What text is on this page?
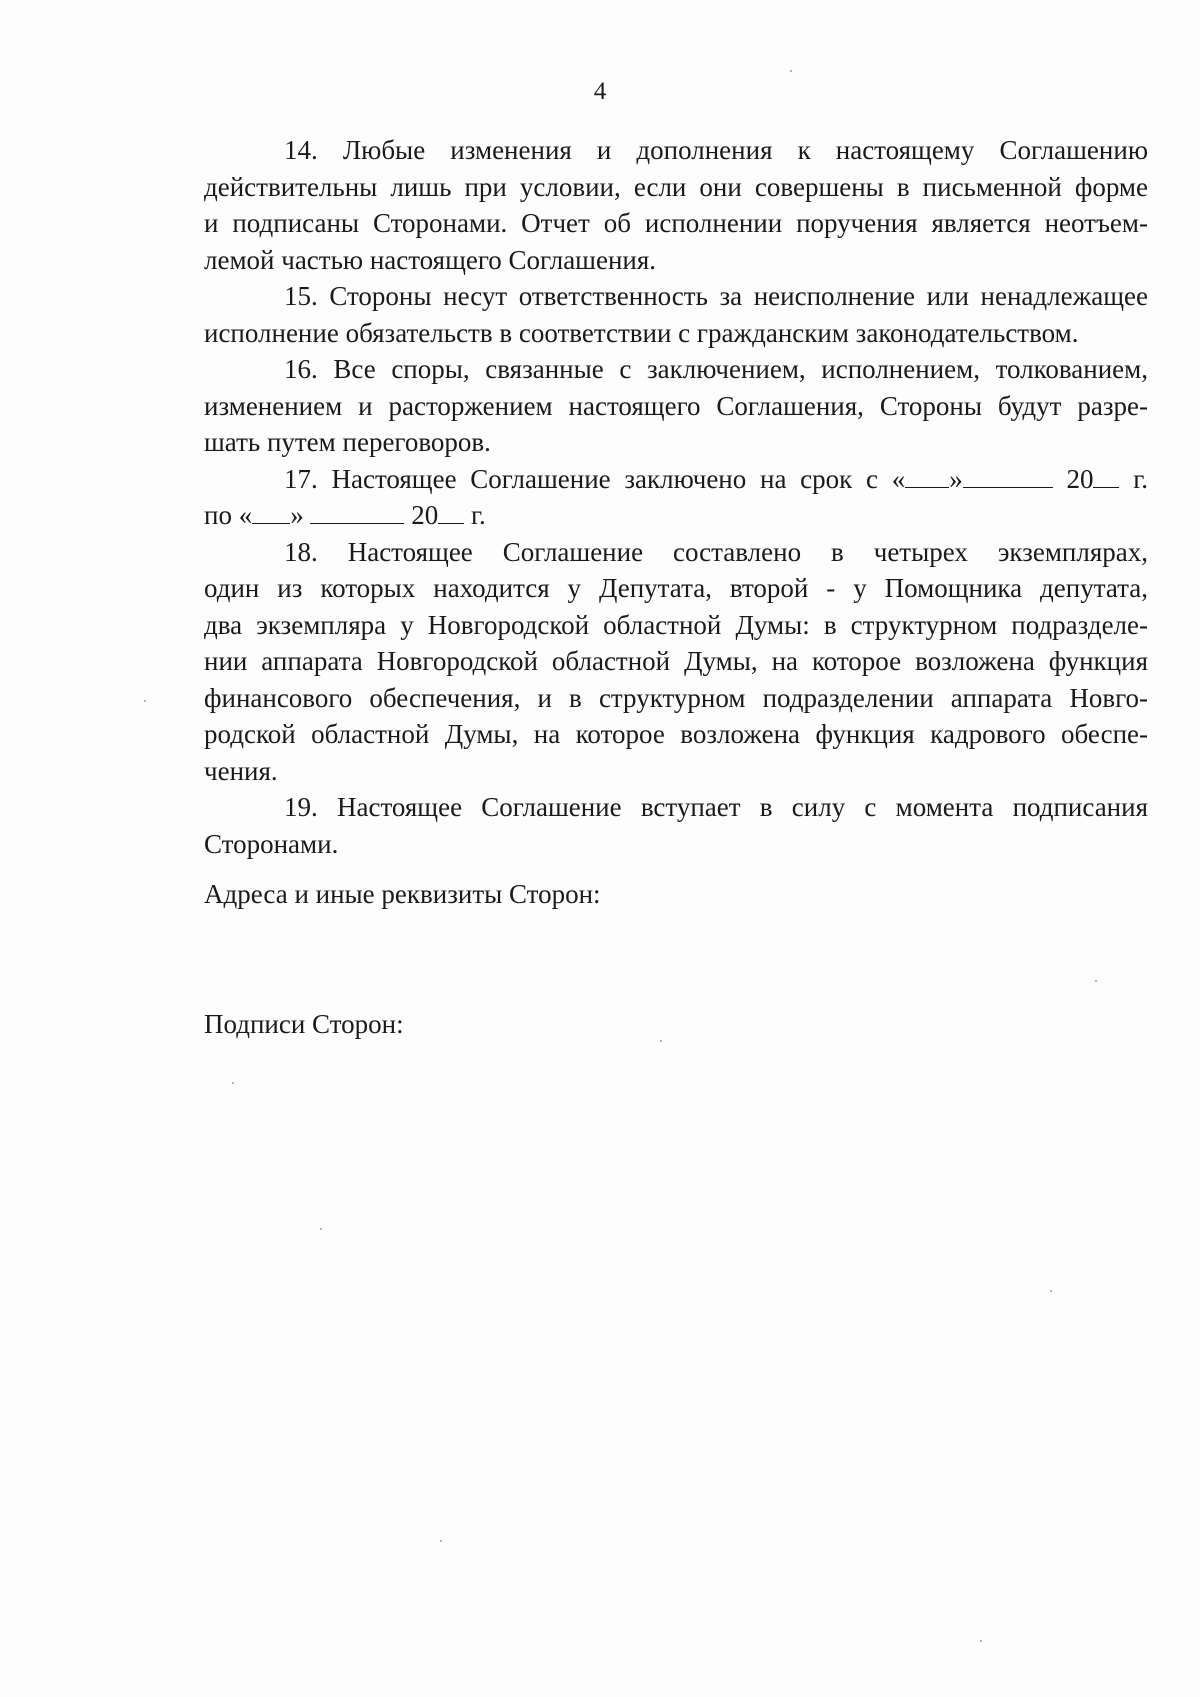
4
14. Любые изменения и дополнения к настоящему Соглашению
действительны лишь при условии, если они совершены в письменной форме
и подписаны Сторонами. Отчет об исполнении поручения является неотъем-
лемой частью настоящего Соглашения.
15. Стороны несут ответственность за неисполнение или ненадлежащее
исполнение обязательств в соответствии с гражданским законодательством.
16. Все споры, связанные с заключением, исполнением, толкованием,
изменением и расторжением настоящего Соглашения, Стороны будут разре-
шать путем переговоров.
17. Настоящее Соглашение заключено на срок с « »	20 г.
по « »	20 г.
18. Настоящее Соглашение составлено в четырех экземплярах,
один из которых находится у Депутата, второй - у Помощника депутата,
два экземпляра у Новгородской областной Думы: в структурном подразделе-
нии аппарата Новгородской областной Думы, на которое возложена функция
финансового обеспечения, и в структурном подразделении аппарата Новго-
родской областной Думы, на которое возложена функция кадрового обеспе-
чения.
19. Настоящее Соглашение вступает в силу с момента подписания
Сторонами.
Адреса и иные реквизиты Сторон:
Подписи Сторон:
